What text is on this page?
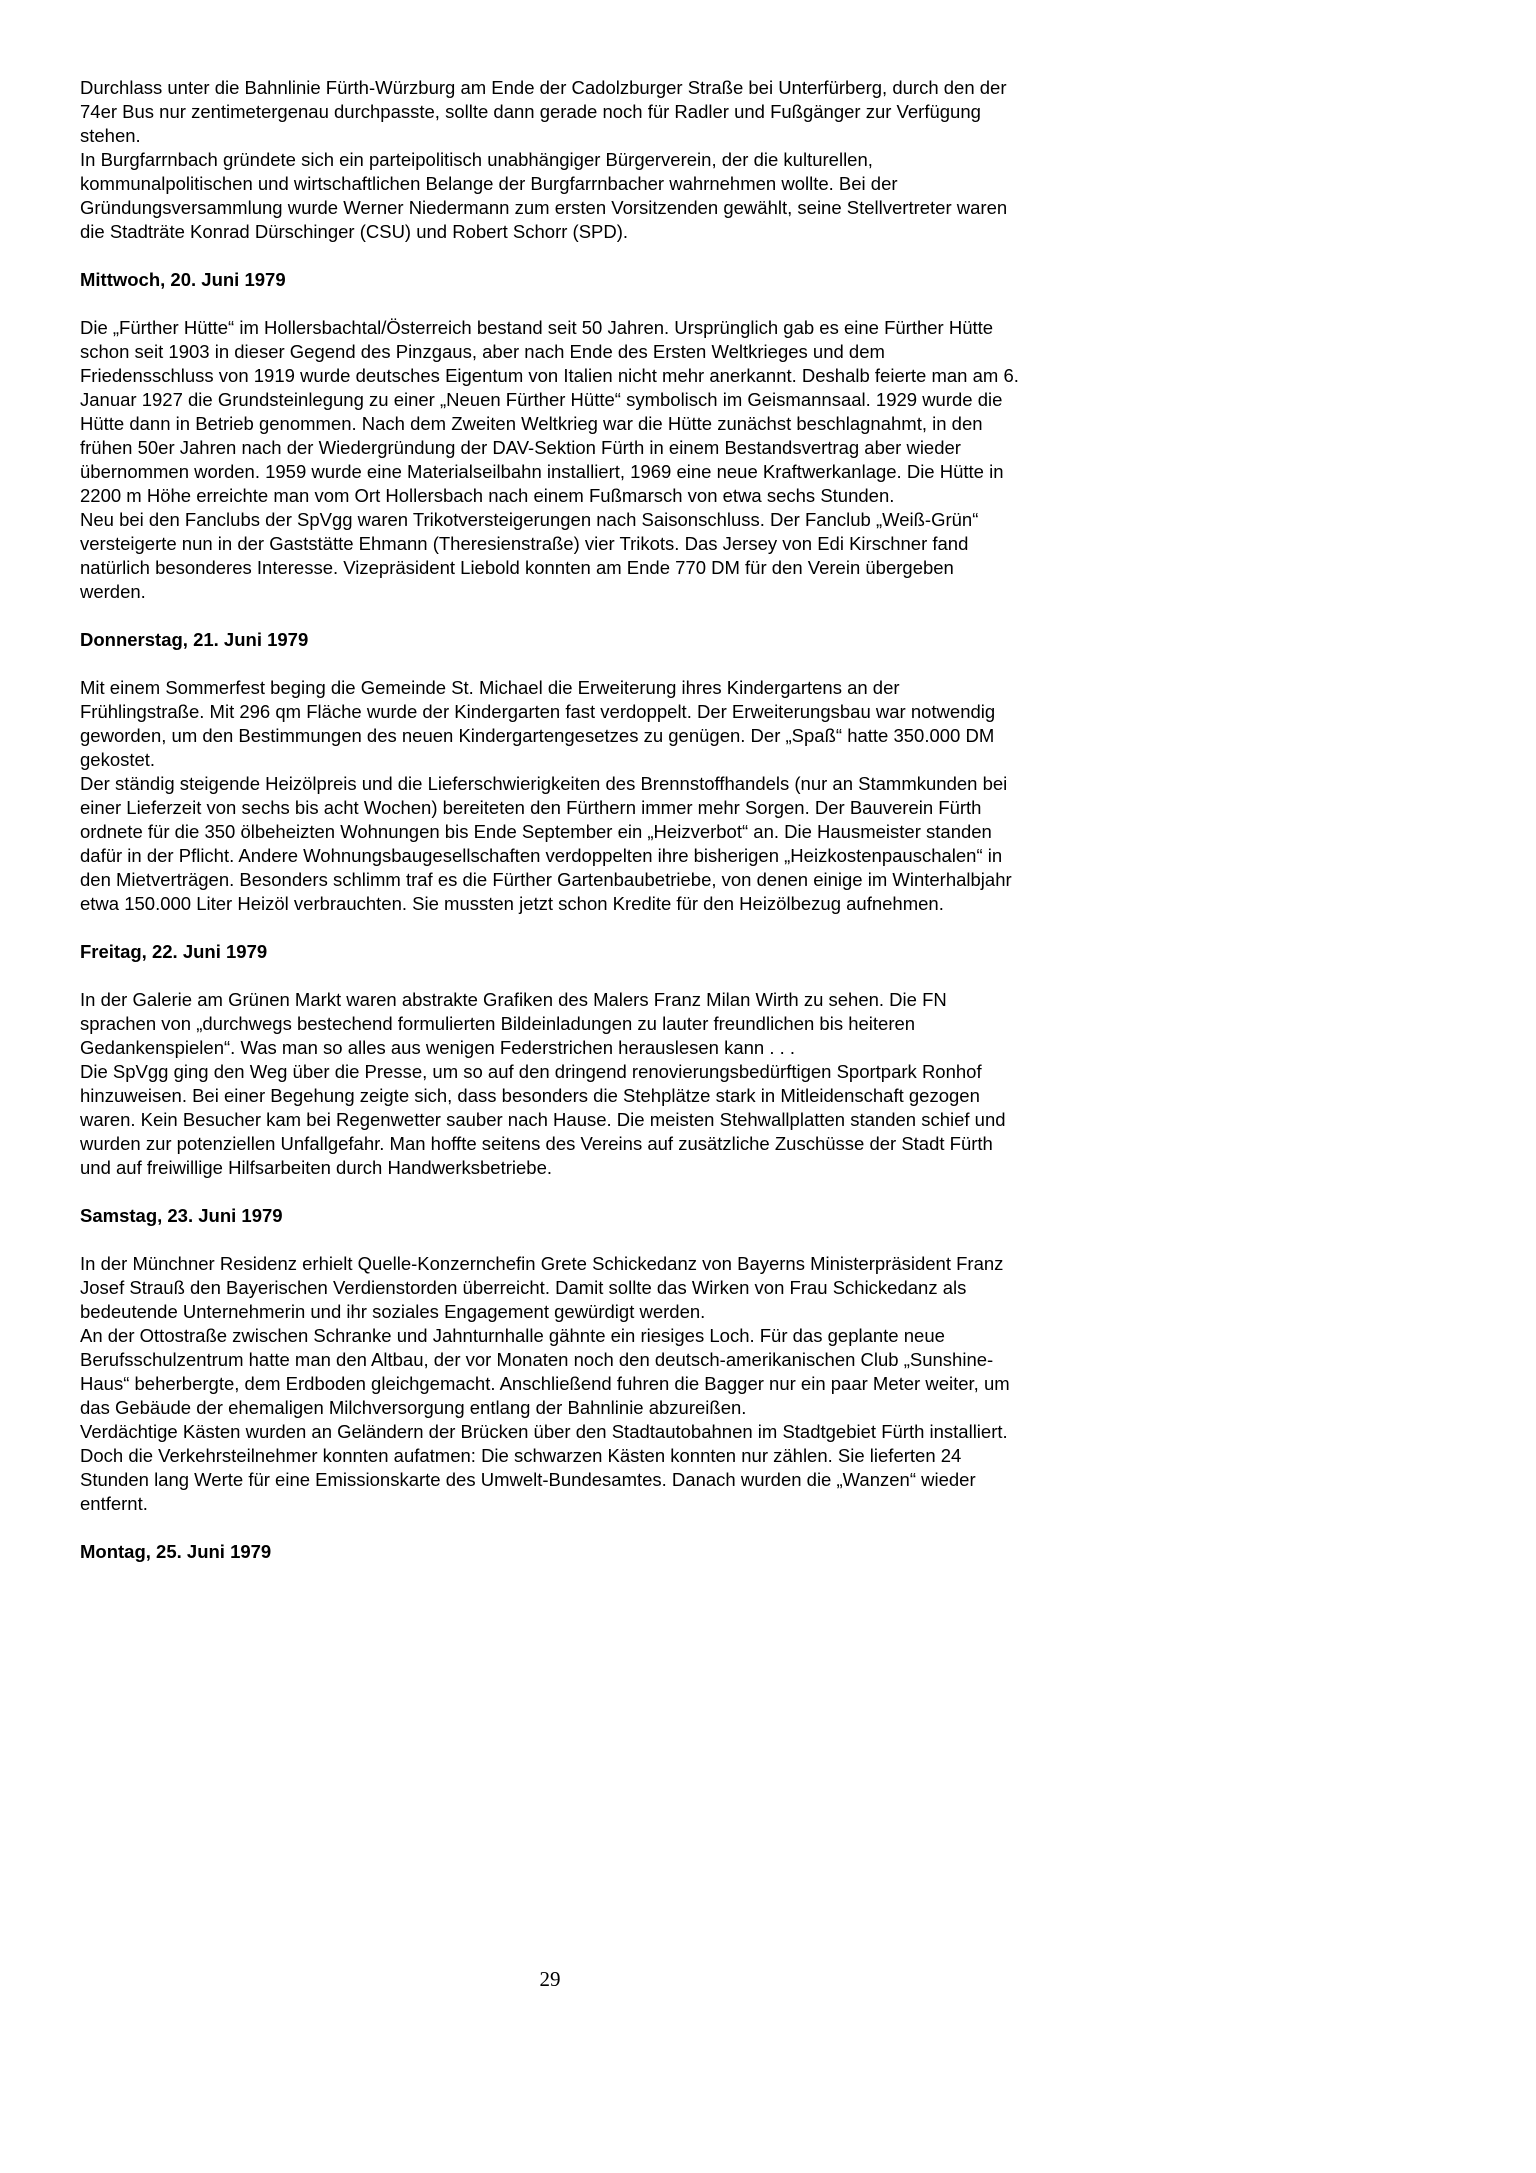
Durchlass unter die Bahnlinie Fürth-Würzburg am Ende der Cadolzburger Straße bei Unterfürberg, durch den der 74er Bus nur zentimetergenau durchpasste, sollte dann gerade noch für Radler und Fußgänger zur Verfügung stehen.

In Burgfarrnbach gründete sich ein parteipolitisch unabhängiger Bürgerverein, der die kulturellen, kommunalpolitischen und wirtschaftlichen Belange der Burgfarrnbacher wahrnehmen wollte. Bei der Gründungsversammlung wurde Werner Niedermann zum ersten Vorsitzenden gewählt, seine Stellvertreter waren die Stadträte Konrad Dürschinger (CSU) und Robert Schorr (SPD).

Mittwoch, 20. Juni 1979

Die „Fürther Hütte“ im Hollersbachtal/Österreich bestand seit 50 Jahren. Ursprünglich gab es eine Fürther Hütte schon seit 1903 in dieser Gegend des Pinzgaus, aber nach Ende des Ersten Weltkrieges und dem Friedensschluss von 1919 wurde deutsches Eigentum von Italien nicht mehr anerkannt. Deshalb feierte man am 6. Januar 1927 die Grundsteinlegung zu einer „Neuen Fürther Hütte“ symbolisch im Geismannsaal. 1929 wurde die Hütte dann in Betrieb genommen. Nach dem Zweiten Weltkrieg war die Hütte zunächst beschlagnahmt, in den frühen 50er Jahren nach der Wiedergründung der DAV-Sektion Fürth in einem Bestandsvertrag aber wieder übernommen worden. 1959 wurde eine Materialseilbahn installiert, 1969 eine neue Kraftwerkanlage. Die Hütte in 2200 m Höhe erreichte man vom Ort Hollersbach nach einem Fußmarsch von etwa sechs Stunden.

Neu bei den Fanclubs der SpVgg waren Trikotversteigerungen nach Saisonschluss. Der Fanclub „Weiß-Grün“ versteigerte nun in der Gaststätte Ehmann (Theresienstraße) vier Trikots. Das Jersey von Edi Kirschner fand natürlich besonderes Interesse. Vizepräsident Liebold konnten am Ende 770 DM für den Verein übergeben werden.

Donnerstag, 21. Juni 1979

Mit einem Sommerfest beging die Gemeinde St. Michael die Erweiterung ihres Kindergartens an der Frühlingstraße. Mit 296 qm Fläche wurde der Kindergarten fast verdoppelt. Der Erweiterungsbau war notwendig geworden, um den Bestimmungen des neuen Kindergartengesetzes zu genügen. Der „Spaß“ hatte 350.000 DM gekostet.

Der ständig steigende Heizölpreis und die Lieferschwierigkeiten des Brennstoffhandels (nur an Stammkunden bei einer Lieferzeit von sechs bis acht Wochen) bereiteten den Fürthern immer mehr Sorgen. Der Bauverein Fürth ordnete für die 350 ölbeheizten Wohnungen bis Ende September ein „Heizverbot“ an. Die Hausmeister standen dafür in der Pflicht. Andere Wohnungsbaugesellschaften verdoppelten ihre bisherigen „Heizkostenpauschalen“ in den Mietverträgen. Besonders schlimm traf es die Fürther Gartenbaubetriebe, von denen einige im Winterhalbjahr etwa 150.000 Liter Heizöl verbrauchten. Sie mussten jetzt schon Kredite für den Heizölbezug aufnehmen.

Freitag, 22. Juni 1979

In der Galerie am Grünen Markt waren abstrakte Grafiken des Malers Franz Milan Wirth zu sehen. Die FN sprachen von „durchwegs bestechend formulierten Bildeinladungen zu lauter freundlichen bis heiteren Gedankenspielen“. Was man so alles aus wenigen Federstrichen herauslesen kann . . .

Die SpVgg ging den Weg über die Presse, um so auf den dringend renovierungsbedürftigen Sportpark Ronhof hinzuweisen. Bei einer Begehung zeigte sich, dass besonders die Stehplätze stark in Mitleidenschaft gezogen waren. Kein Besucher kam bei Regenwetter sauber nach Hause. Die meisten Stehwallplatten standen schief und wurden zur potenziellen Unfallgefahr. Man hoffte seitens des Vereins auf zusätzliche Zuschüsse der Stadt Fürth und auf freiwillige Hilfsarbeiten durch Handwerksbetriebe.

Samstag, 23. Juni 1979

In der Münchner Residenz erhielt Quelle-Konzernchefin Grete Schickedanz von Bayerns Ministerpräsident Franz Josef Strauß den Bayerischen Verdienstorden überreicht. Damit sollte das Wirken von Frau Schickedanz als bedeutende Unternehmerin und ihr soziales Engagement gewürdigt werden.

An der Ottostraße zwischen Schranke und Jahnturnhalle gähnte ein riesiges Loch. Für das geplante neue Berufsschulzentrum hatte man den Altbau, der vor Monaten noch den deutsch-amerikanischen Club „Sunshine-Haus“ beherbergte, dem Erdboden gleichgemacht. Anschließend fuhren die Bagger nur ein paar Meter weiter, um das Gebäude der ehemaligen Milchversorgung entlang der Bahnlinie abzureißen.

Verdächtige Kästen wurden an Geländern der Brücken über den Stadtautobahnen im Stadtgebiet Fürth installiert. Doch die Verkehrsteilnehmer konnten aufatmen: Die schwarzen Kästen konnten nur zählen. Sie lieferten 24 Stunden lang Werte für eine Emissionskarte des Umwelt-Bundesamtes. Danach wurden die „Wanzen“ wieder entfernt.

Montag, 25. Juni 1979
29
